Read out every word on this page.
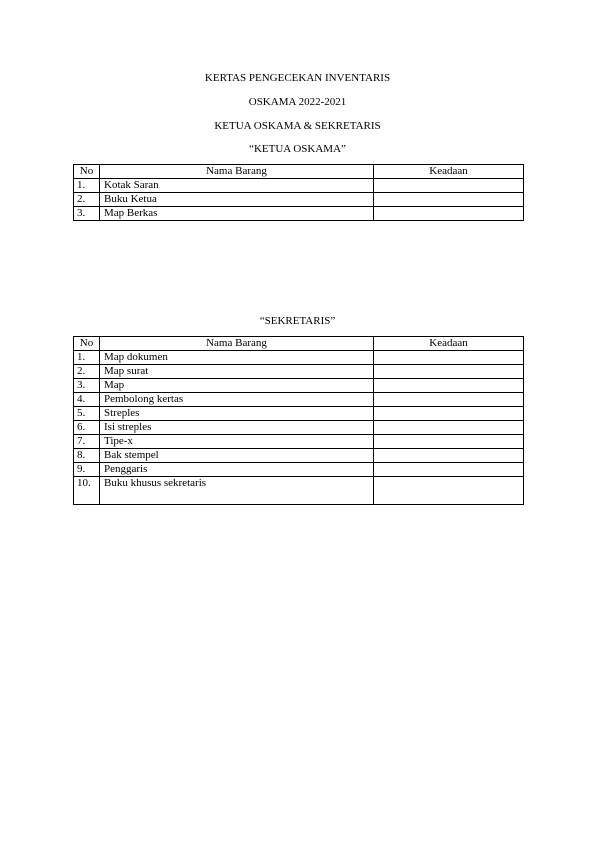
KERTAS PENGECEKAN INVENTARIS
OSKAMA 2022-2021
KETUA OSKAMA & SEKRETARIS
“KETUA OSKAMA”
No	Nama Barang	Keadaan
1.	Kotak Saran	
2.	Buku Ketua	
3.	Map Berkas	
“SEKRETARIS”
No	Nama Barang	Keadaan
1.	Map dokumen	
2.	Map surat	
3.	Map	
4.	Pembolong kertas	
5.	Streples	
6.	Isi streples	
7.	Tipe-x	
8.	Bak stempel	
9.	Penggaris	

10.	Buku khusus sekretaris	
